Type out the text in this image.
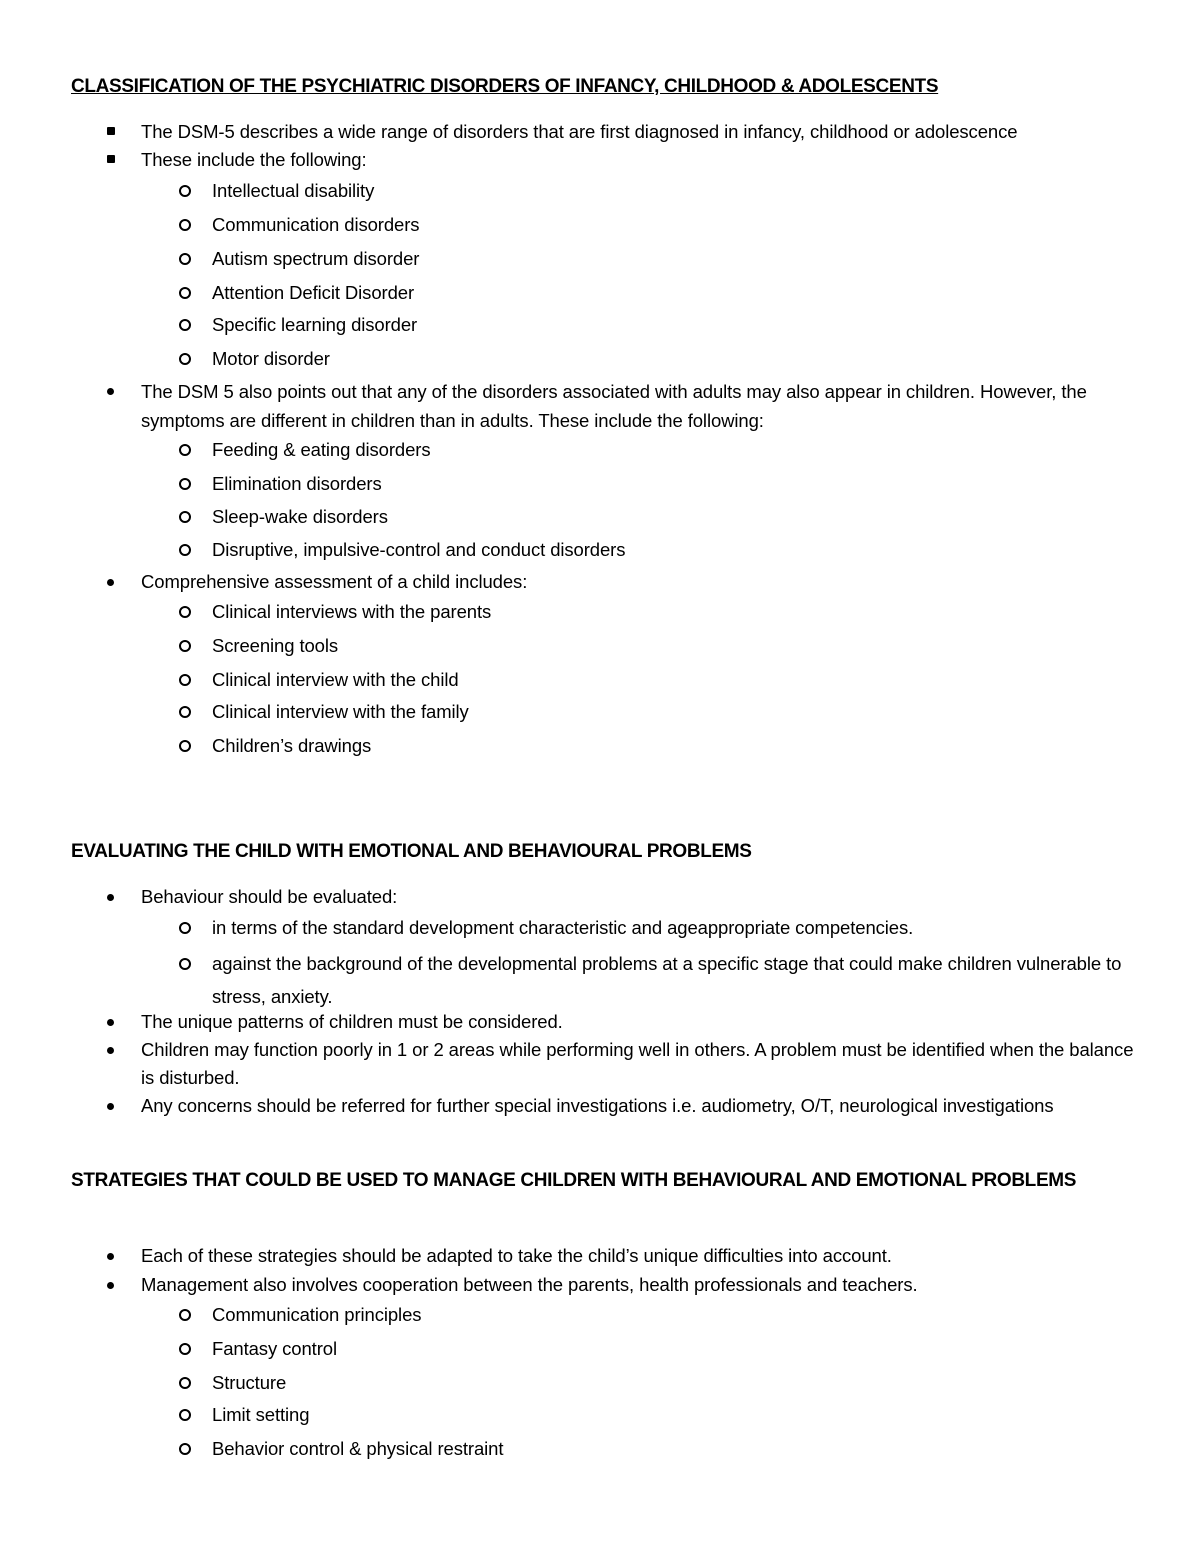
CLASSIFICATION OF THE PSYCHIATRIC DISORDERS OF INFANCY, CHILDHOOD & ADOLESCENTS
The DSM-5 describes a wide range of disorders that are first diagnosed in infancy, childhood or adolescence
These include the following:
Intellectual disability
Communication disorders
Autism spectrum disorder
Attention Deficit Disorder
Specific learning disorder
Motor disorder
The DSM 5 also points out that any of the disorders associated with adults may also appear in children. However, the symptoms are different in children than in adults. These include the following:
Feeding & eating disorders
Elimination disorders
Sleep-wake disorders
Disruptive, impulsive-control and conduct disorders
Comprehensive assessment of a child includes:
Clinical interviews with the parents
Screening tools
Clinical interview with the child
Clinical interview with the family
Children’s drawings
EVALUATING THE CHILD WITH EMOTIONAL AND BEHAVIOURAL PROBLEMS
Behaviour should be evaluated:
in terms of the standard development characteristic and ageappropriate competencies.
against the background of the developmental problems at a specific stage that could make children vulnerable to stress, anxiety.
The unique patterns of children must be considered.
Children may function poorly in 1 or 2 areas while performing well in others. A problem must be identified when the balance is disturbed.
Any concerns should be referred for further special investigations i.e. audiometry, O/T, neurological investigations
STRATEGIES THAT COULD BE USED TO MANAGE CHILDREN WITH BEHAVIOURAL AND EMOTIONAL PROBLEMS
Each of these strategies should be adapted to take the child’s unique difficulties into account.
Management also involves cooperation between the parents, health professionals and teachers.
Communication principles
Fantasy control
Structure
Limit setting
Behavior control & physical restraint
